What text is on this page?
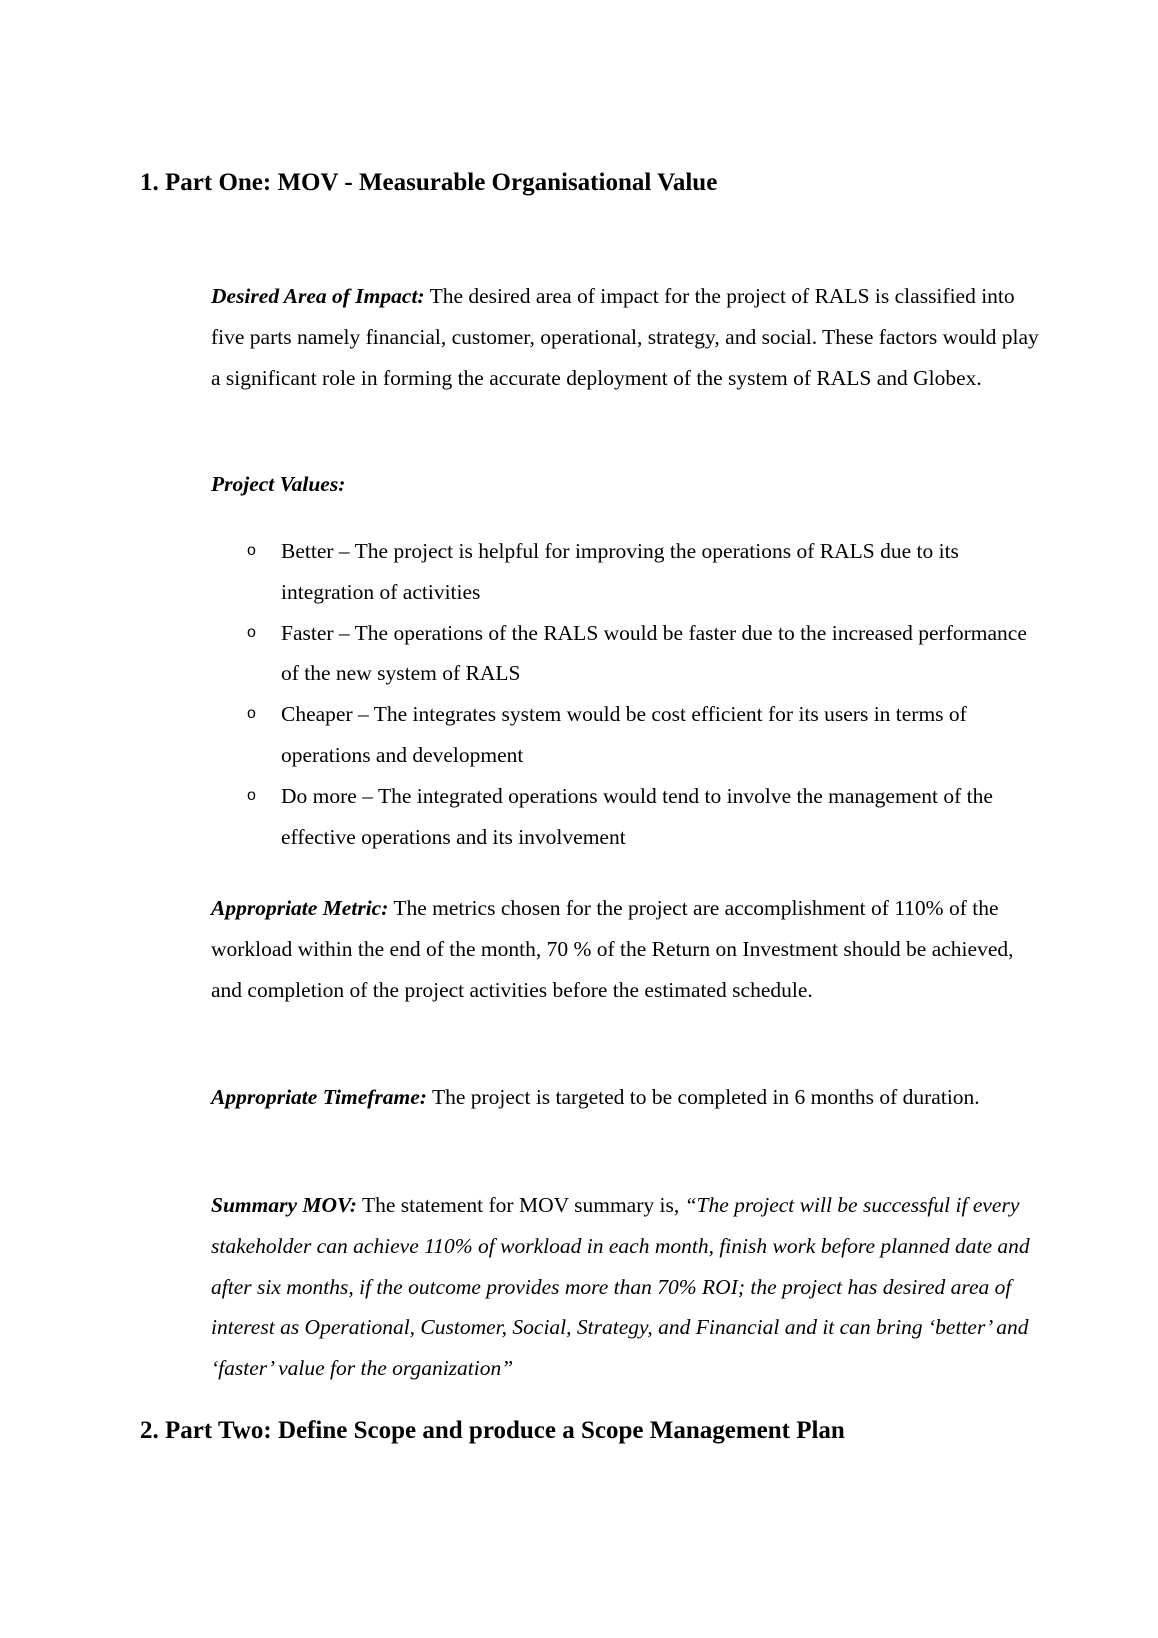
1. Part One: MOV - Measurable Organisational Value

Desired Area of Impact: The desired area of impact for the project of RALS is classified into five parts namely financial, customer, operational, strategy, and social. These factors would play a significant role in forming the accurate deployment of the system of RALS and Globex.

Project Values:

o Better – The project is helpful for improving the operations of RALS due to its integration of activities
o Faster – The operations of the RALS would be faster due to the increased performance of the new system of RALS
o Cheaper – The integrates system would be cost efficient for its users in terms of operations and development
o Do more – The integrated operations would tend to involve the management of the effective operations and its involvement

Appropriate Metric: The metrics chosen for the project are accomplishment of 110% of the workload within the end of the month, 70 % of the Return on Investment should be achieved, and completion of the project activities before the estimated schedule.

Appropriate Timeframe: The project is targeted to be completed in 6 months of duration.

Summary MOV: The statement for MOV summary is, “The project will be successful if every stakeholder can achieve 110% of workload in each month, finish work before planned date and after six months, if the outcome provides more than 70% ROI; the project has desired area of interest as Operational, Customer, Social, Strategy, and Financial and it can bring ‘better’ and ‘faster’ value for the organization”

2. Part Two: Define Scope and produce a Scope Management Plan
